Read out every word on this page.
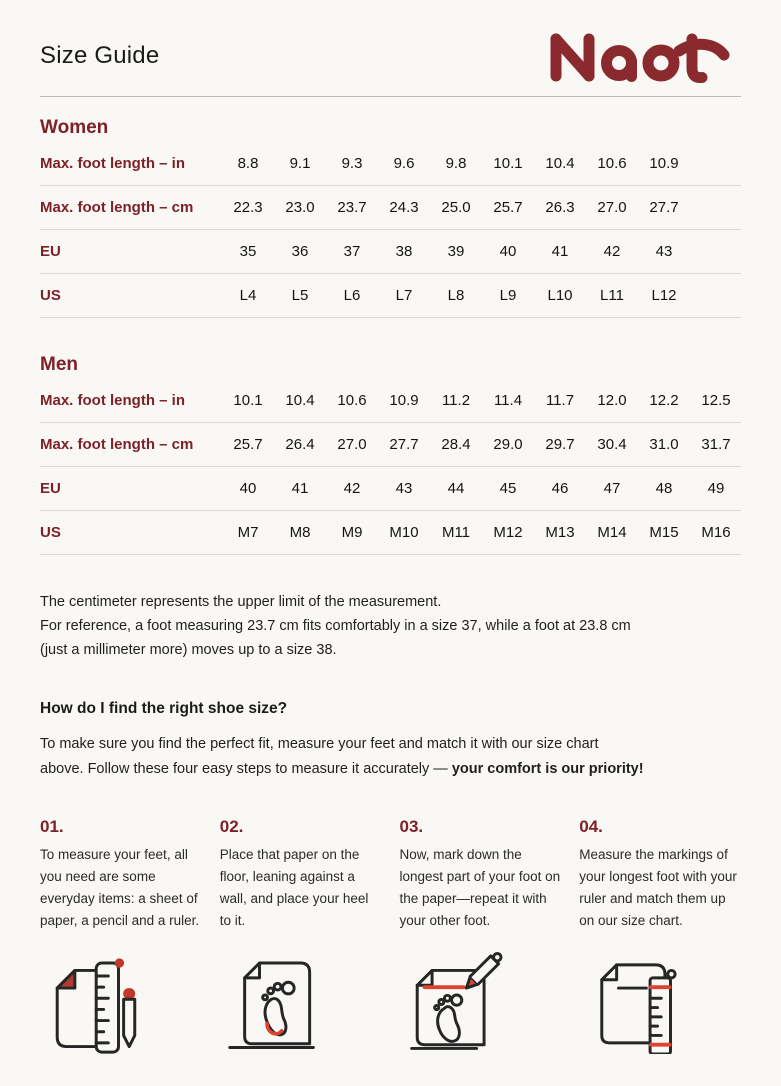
Size Guide
Women
Max. foot length – in	8.8	9.1	9.3	9.6	9.8	10.1	10.4	10.6	10.9
Max. foot length – cm	22.3	23.0	23.7	24.3	25.0	25.7	26.3	27.0	27.7
EU	35	36	37	38	39	40	41	42	43
US	L4	L5	L6	L7	L8	L9	L10	L11	L12
Men
Max. foot length – in	10.1	10.4	10.6	10.9	11.2	11.4	11.7	12.0	12.2	12.5
Max. foot length – cm	25.7	26.4	27.0	27.7	28.4	29.0	29.7	30.4	31.0	31.7
EU	40	41	42	43	44	45	46	47	48	49
US	M7	M8	M9	M10	M11	M12	M13	M14	M15	M16

The centimeter represents the upper limit of the measurement.

For reference, a foot measuring 23.7 cm fits comfortably in a size 37, while a foot at 23.8 cm

(just a millimeter more) moves up to a size 38.

How do I find the right shoe size?

To make sure you find the perfect fit, measure your feet and match it with our size chart
above. Follow these four easy steps to measure it accurately — your comfort is our priority!

01.
To measure your feet, all you need are some everyday items: a sheet of paper, a pencil and a ruler.
02.
Place that paper on the floor, leaning against a wall, and place your heel to it.
03.
Now, mark down the longest part of your foot on the paper—repeat it with your other foot.
04.
Measure the markings of your longest foot with your ruler and match them up on our size chart.
